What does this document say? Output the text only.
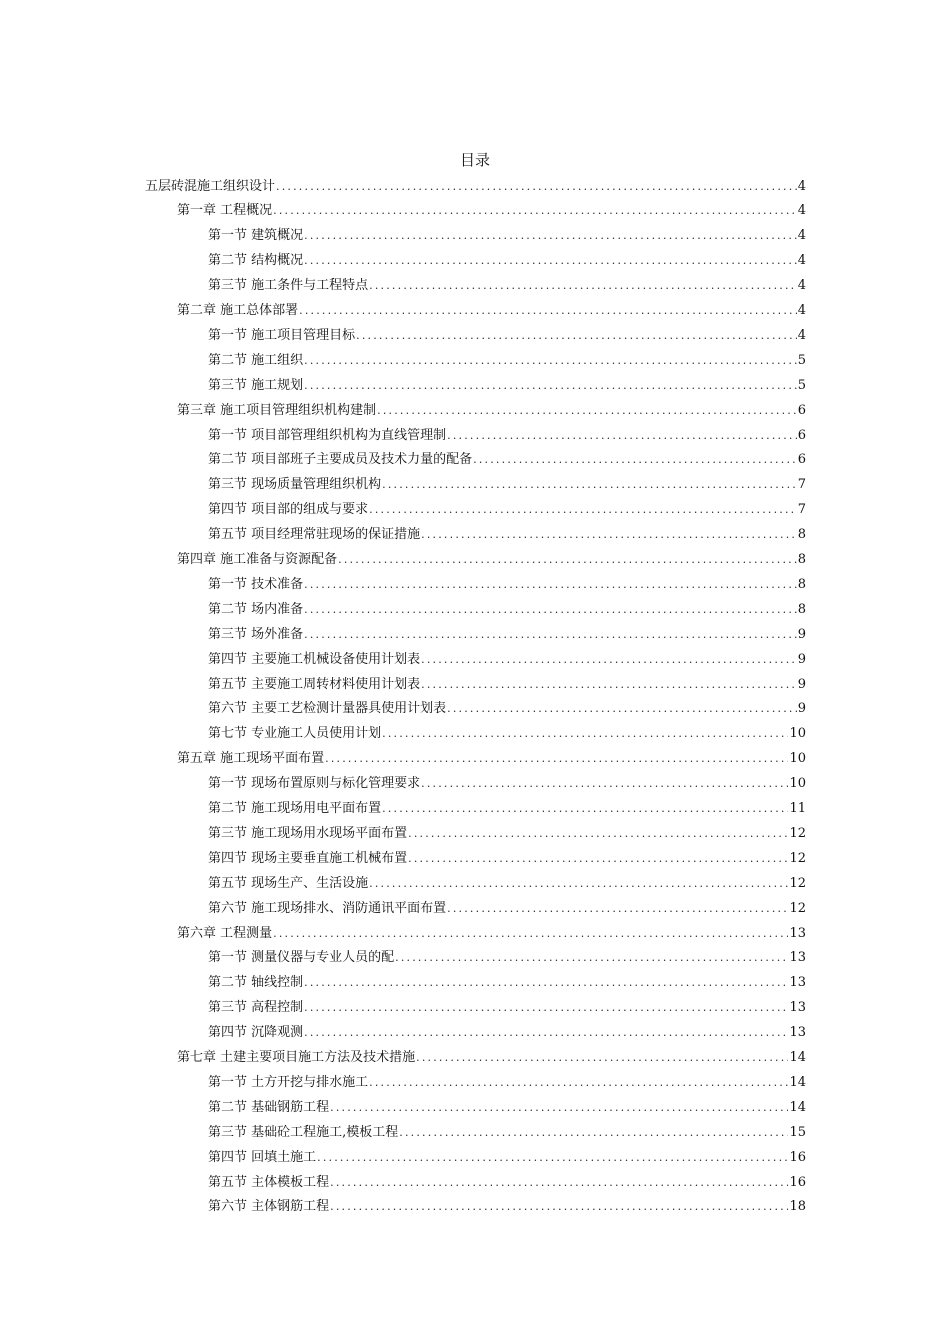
目录
五层砖混施工组织设计 .....	4
第一章 工程概况 .....	4
第一节 建筑概况 .....	4
第二节 结构概况 .....	4
第三节 施工条件与工程特点 .....	4
第二章 施工总体部署 .....	4
第一节 施工项目管理目标 .....	4
第二节 施工组织 .....	5
第三节 施工规划 .....	5
第三章 施工项目管理组织机构建制 .....	6
第一节 项目部管理组织机构为直线管理制 .....	6
第二节 项目部班子主要成员及技术力量的配备 .....	6
第三节 现场质量管理组织机构 .....	7
第四节 项目部的组成与要求 .....	7
第五节 项目经理常驻现场的保证措施 .....	8
第四章 施工准备与资源配备 .....	8
第一节 技术准备 .....	8
第二节 场内准备 .....	8
第三节 场外准备 .....	9
第四节 主要施工机械设备使用计划表 .....	9
第五节 主要施工周转材料使用计划表 .....	9
第六节 主要工艺检测计量器具使用计划表 .....	9
第七节 专业施工人员使用计划 .....	10
第五章 施工现场平面布置 .....	10
第一节 现场布置原则与标化管理要求 .....	10
第二节 施工现场用电平面布置 .....	11
第三节 施工现场用水现场平面布置 .....	12
第四节 现场主要垂直施工机械布置 .....	12
第五节 现场生产、生活设施 .....	12
第六节 施工现场排水、消防通讯平面布置 .....	12
第六章 工程测量 .....	13
第一节 测量仪器与专业人员的配 .....	13
第二节 轴线控制 .....	13
第三节 高程控制 .....	13
第四节 沉降观测 .....	13
第七章 土建主要项目施工方法及技术措施 .....	14
第一节 土方开挖与排水施工 .....	14
第二节 基础钢筋工程 .....	14
第三节 基础砼工程施工,模板工程 .....	15
第四节 回填土施工 .....	16
第五节 主体模板工程 .....	16
第六节 主体钢筋工程 .....	18
